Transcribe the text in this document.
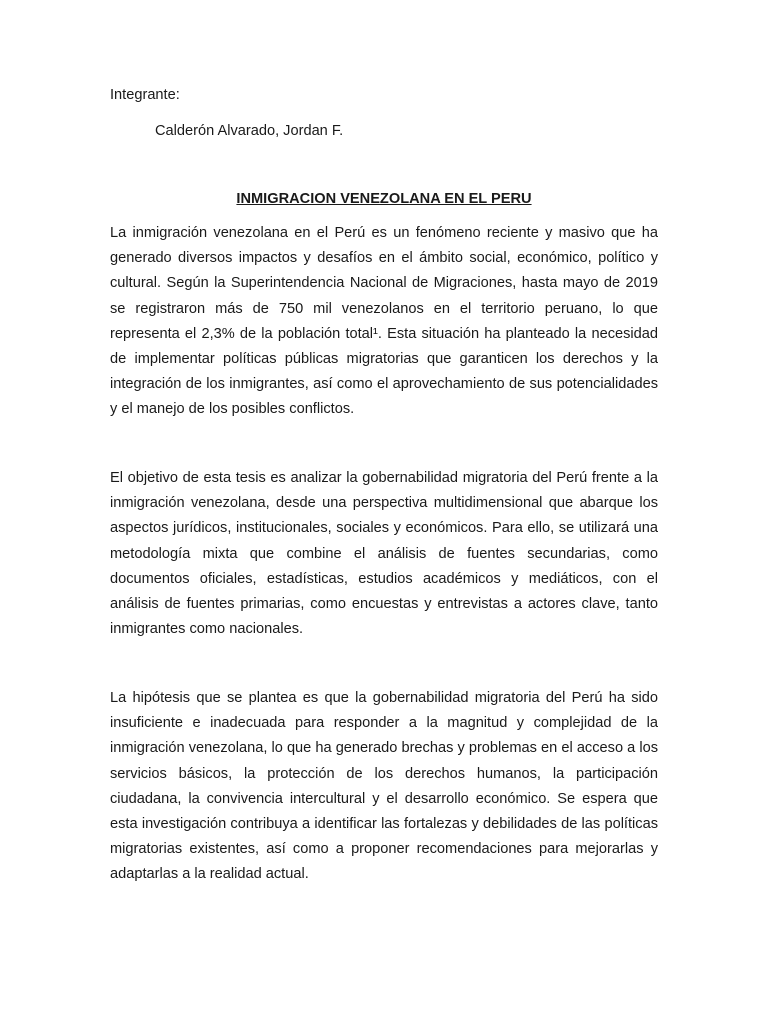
Integrante:

Calderón Alvarado, Jordan F.

INMIGRACION VENEZOLANA EN EL PERU

La inmigración venezolana en el Perú es un fenómeno reciente y masivo que ha generado diversos impactos y desafíos en el ámbito social, económico, político y cultural. Según la Superintendencia Nacional de Migraciones, hasta mayo de 2019 se registraron más de 750 mil venezolanos en el territorio peruano, lo que representa el 2,3% de la población total¹. Esta situación ha planteado la necesidad de implementar políticas públicas migratorias que garanticen los derechos y la integración de los inmigrantes, así como el aprovechamiento de sus potencialidades y el manejo de los posibles conflictos.

El objetivo de esta tesis es analizar la gobernabilidad migratoria del Perú frente a la inmigración venezolana, desde una perspectiva multidimensional que abarque los aspectos jurídicos, institucionales, sociales y económicos. Para ello, se utilizará una metodología mixta que combine el análisis de fuentes secundarias, como documentos oficiales, estadísticas, estudios académicos y mediáticos, con el análisis de fuentes primarias, como encuestas y entrevistas a actores clave, tanto inmigrantes como nacionales.

La hipótesis que se plantea es que la gobernabilidad migratoria del Perú ha sido insuficiente e inadecuada para responder a la magnitud y complejidad de la inmigración venezolana, lo que ha generado brechas y problemas en el acceso a los servicios básicos, la protección de los derechos humanos, la participación ciudadana, la convivencia intercultural y el desarrollo económico. Se espera que esta investigación contribuya a identificar las fortalezas y debilidades de las políticas migratorias existentes, así como a proponer recomendaciones para mejorarlas y adaptarlas a la realidad actual.
